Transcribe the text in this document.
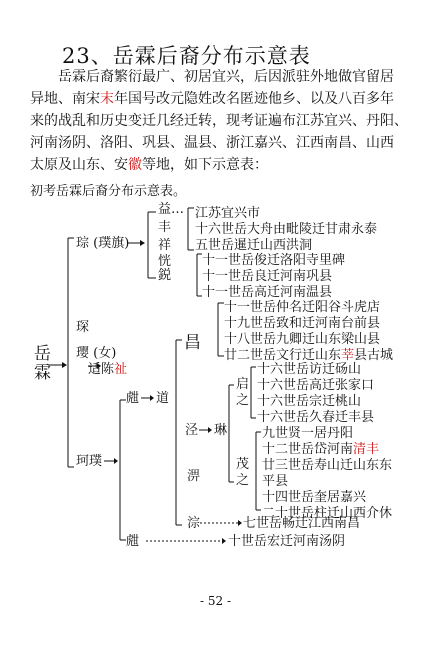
23、岳霖后裔分布示意表
岳霖后裔繁衍最广、初居宜兴，后因派驻外地做官留居
异地、南宋末年国号改元隐姓改名匿迹他乡、以及八百多年
来的战乱和历史变迁几经迁转，现考证遍布江苏宜兴、丹阳、
河南汤阴、洛阳、巩县、温县、浙江嘉兴、江西南昌、山西
太原及山东、安徽等地，如下示意表：
初考岳霖后裔分布示意表。
岳
霖
琮 (璞旗)
琛
璎 (女)
适陈祉
珂璞
益…
丰
祥
恍
鋭
江苏宜兴市
十六世岳大舟由毗陵迁甘肃永泰
五世岳暹迁山西洪洞
十一世岳俊迁洛阳寺里碑
十一世岳良迁河南巩县
十一世岳高迁河南温县
昌
十一世岳仲名迁阳谷斗虎店
十九世岳致和迁河南台前县
十八世岳九卿迁山东梁山县
廿二世岳文行迁山东莘县古城
甝 道
泾 琳
淠
淙
启
之
十六世岳访迁砀山
十六世岳高迁张家口
十六世岳宗迁桃山
十六世岳久春迁丰县
茂
之
九世贤一居丹阳
十二世岳岱河南清丰
廿三世岳寿山迁山东东
平县
十四世岳奎居嘉兴
二十世岳柱迁山西介休
七世岳畅迁江西南昌
甝	十世岳宏迁河南汤阴
- 52 -
